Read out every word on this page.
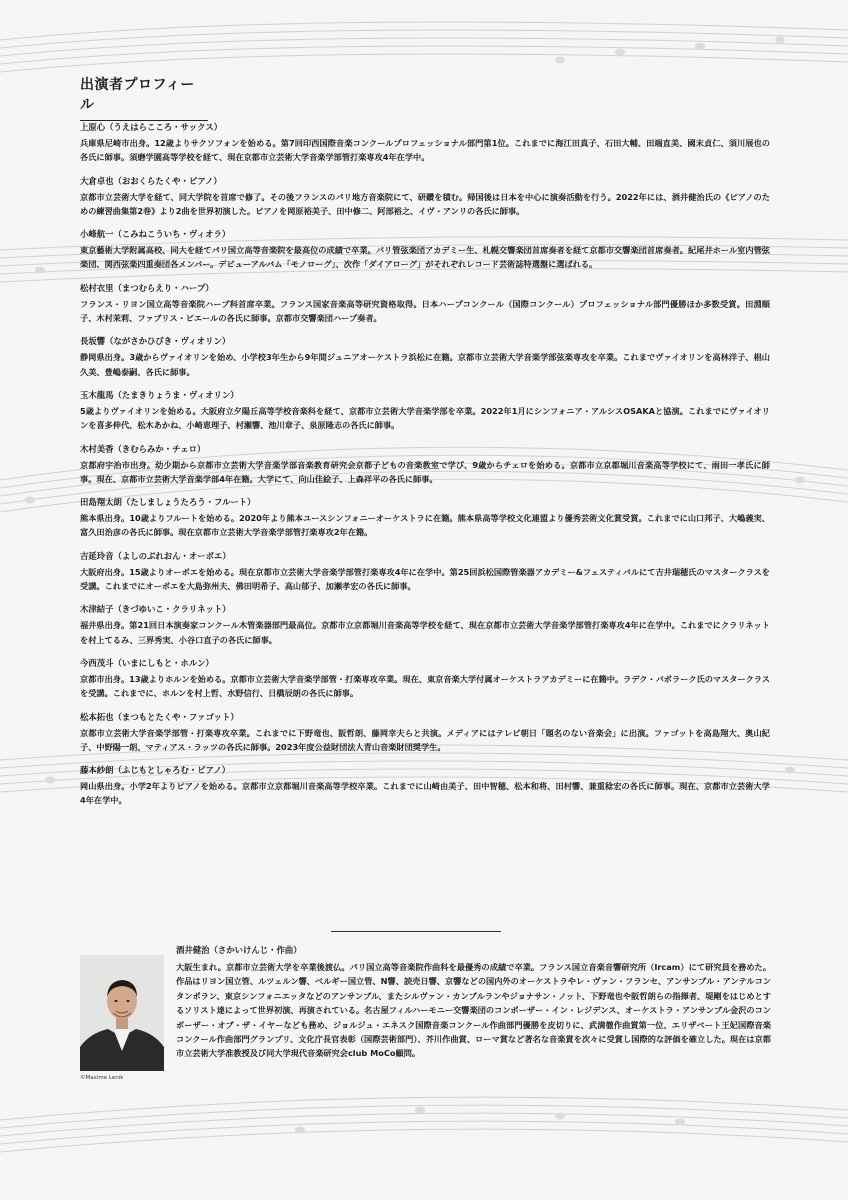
出演者プロフィール
上原心（うえはらこころ・サックス）
兵庫県尼崎市出身。12歳よりサクソフォンを始める。第7回印西国際音楽コンクールプロフェッショナル部門第1位。これまでに海江田真子、石田大輔、田端直美、國末貞仁、須川展也の各氏に師事。須磨学園高等学校を経て、現在京都市立芸術大学音楽学部管打楽専攻4年在学中。
大倉卓也（おおくらたくや・ピアノ）
京都市立芸術大学を経て、同大学院を首席で修了。その後フランスのパリ地方音楽院にて、研鑽を積む。帰国後は日本を中心に演奏活動を行う。2022年には、酒井健治氏の《ピアノのための練習曲集第2巻》より2曲を世界初演した。ピアノを岡原裕美子、田中修二、阿部裕之、イヴ・アンリの各氏に師事。
小峰航一（こみねこういち・ヴィオラ）
東京藝術大学附属高校、同大を経てパリ国立高等音楽院を最高位の成績で卒業。パリ管弦楽団アカデミー生、札幌交響楽団首席奏者を経て京都市交響楽団首席奏者。紀尾井ホール室内管弦楽団、関西弦楽四重奏団各メンバー。デビューアルバム「モノローグ」、次作「ダイアローグ」がそれぞれレコード芸術誌特選盤に選ばれる。
松村衣里（まつむらえり・ハープ）
フランス・リヨン国立高等音楽院ハープ科首席卒業。フランス国家音楽高等研究資格取得。日本ハープコンクール（国際コンクール）プロフェッショナル部門優勝ほか多数受賞。田淵順子、木村茉莉、ファブリス・ピエールの各氏に師事。京都市交響楽団ハープ奏者。
長坂響（ながさかひびき・ヴィオリン）
静岡県出身。3歳からヴァイオリンを始め、小学校3年生から9年間ジュニアオーケストラ浜松に在籍。京都市立芸術大学音楽学部弦楽専攻を卒業。これまでヴァイオリンを高林洋子、椙山久美、豊嶋泰嗣、各氏に師事。
玉木龍馬（たまきりょうま・ヴィオリン）
5歳よりヴァイオリンを始める。大阪府立夕陽丘高等学校音楽科を経て、京都市立芸術大学音楽学部を卒業。2022年1月にシンフォニア・アルシスOSAKAと協演。これまでにヴァイオリンを喜多伸代、松木あかね、小崎恵理子、村瀬響、池川章子、泉原隆志の各氏に師事。
木村美香（きむらみか・チェロ）
京都府宇治市出身。幼少期から京都市立芸術大学音楽学部音楽教育研究会京都子どもの音楽教室で学び、9歳からチェロを始める。京都市立京都堀川音楽高等学校にて、雨田一孝氏に師事。現在、京都市立芸術大学音楽学部4年在籍。大学にて、向山佳絵子、上森祥平の各氏に師事。
田島翔太朗（たしましょうたろう・フルート）
熊本県出身。10歳よりフルートを始める。2020年より熊本ユースシンフォニーオーケストラに在籍。熊本県高等学校文化連盟より優秀芸術文化賞受賞。これまでに山口邦子、大嶋義実、富久田治彦の各氏に師事。現在京都市立芸術大学音楽学部管打楽専攻2年在籍。
吉延玲音（よしのぶれおん・オーボエ）
大阪府出身。15歳よりオーボエを始める。現在京都市立芸術大学音楽学部管打楽専攻4年に在学中。第25回浜松国際管楽器アカデミー&フェスティバルにて吉井瑞穂氏のマスタークラスを受講。これまでにオーボエを大島弥州夫、佛田明希子、高山郁子、加瀬孝宏の各氏に師事。
木津結子（きづゆいこ・クラリネット）
福井県出身。第21回日本演奏家コンクール木管楽器部門最高位。京都市立京都堀川音楽高等学校を経て、現在京都市立芸術大学音楽学部管打楽専攻4年に在学中。これまでにクラリネットを村上てるみ、三界秀実、小谷口直子の各氏に師事。
今西茂斗（いまにしもと・ホルン）
京都市出身。13歳よりホルンを始める。京都市立芸術大学音楽学部管・打楽専攻卒業。現在、東京音楽大学付属オーケストラアカデミーに在籍中。ラデク・バボラーク氏のマスタークラスを受講。これまでに、ホルンを村上哲、水野信行、日橋辰朗の各氏に師事。
松本拓也（まつもとたくや・ファゴット）
京都市立芸術大学音楽学部管・打楽専攻卒業。これまでに下野竜也、阪哲朗、藤岡幸夫らと共演。メディアにはテレビ朝日「題名のない音楽会」に出演。ファゴットを高島翔大、奥山紀子、中野陽一朗、マティアス・ラッツの各氏に師事。2023年度公益財団法人青山音楽財団奨学生。
藤本紗朗（ふじもとしゃろむ・ピアノ）
岡山県出身。小学2年よりピアノを始める。京都市立京都堀川音楽高等学校卒業。これまでに山崎由美子、田中智穂、松本和将、田村響、兼重稔宏の各氏に師事。現在、京都市立芸術大学4年在学中。
©Maxime Lenik
酒井健治（さかいけんじ・作曲）
大阪生まれ。京都市立芸術大学を卒業後渡仏。パリ国立高等音楽院作曲科を最優秀の成績で卒業。フランス国立音楽音響研究所（Ircam）にて研究員を務めた。作品はリヨン国立管、ルツェルン響、ベルギー国立管、N響、読売日響、京響などの国内外のオーケストラやレ・ヴァン・フランセ、アンサンブル・アンテルコンタンポラン、東京シンフォニエッタなどのアンサンブル、またシルヴァン・カンブルランやジョナサン・ノット、下野竜也や阪哲朗らの指揮者、堤剛をはじめとするソリスト達によって世界初演、再演されている。名古屋フィルハーモニー交響楽団のコンポーザー・イン・レジデンス、オーケストラ・アンサンブル金沢のコンポーザー・オブ・ザ・イヤーなども務め、ジョルジュ・エネスク国際音楽コンクール作曲部門優勝を皮切りに、武満徹作曲賞第一位、エリザベート王妃国際音楽コンクール作曲部門グランプリ、文化庁長官表彰（国際芸術部門）、芥川作曲賞、ローマ賞など著名な音楽賞を次々に受賞し国際的な評価を確立した。現在は京都市立芸術大学准教授及び同大学現代音楽研究会club MoCo顧問。
